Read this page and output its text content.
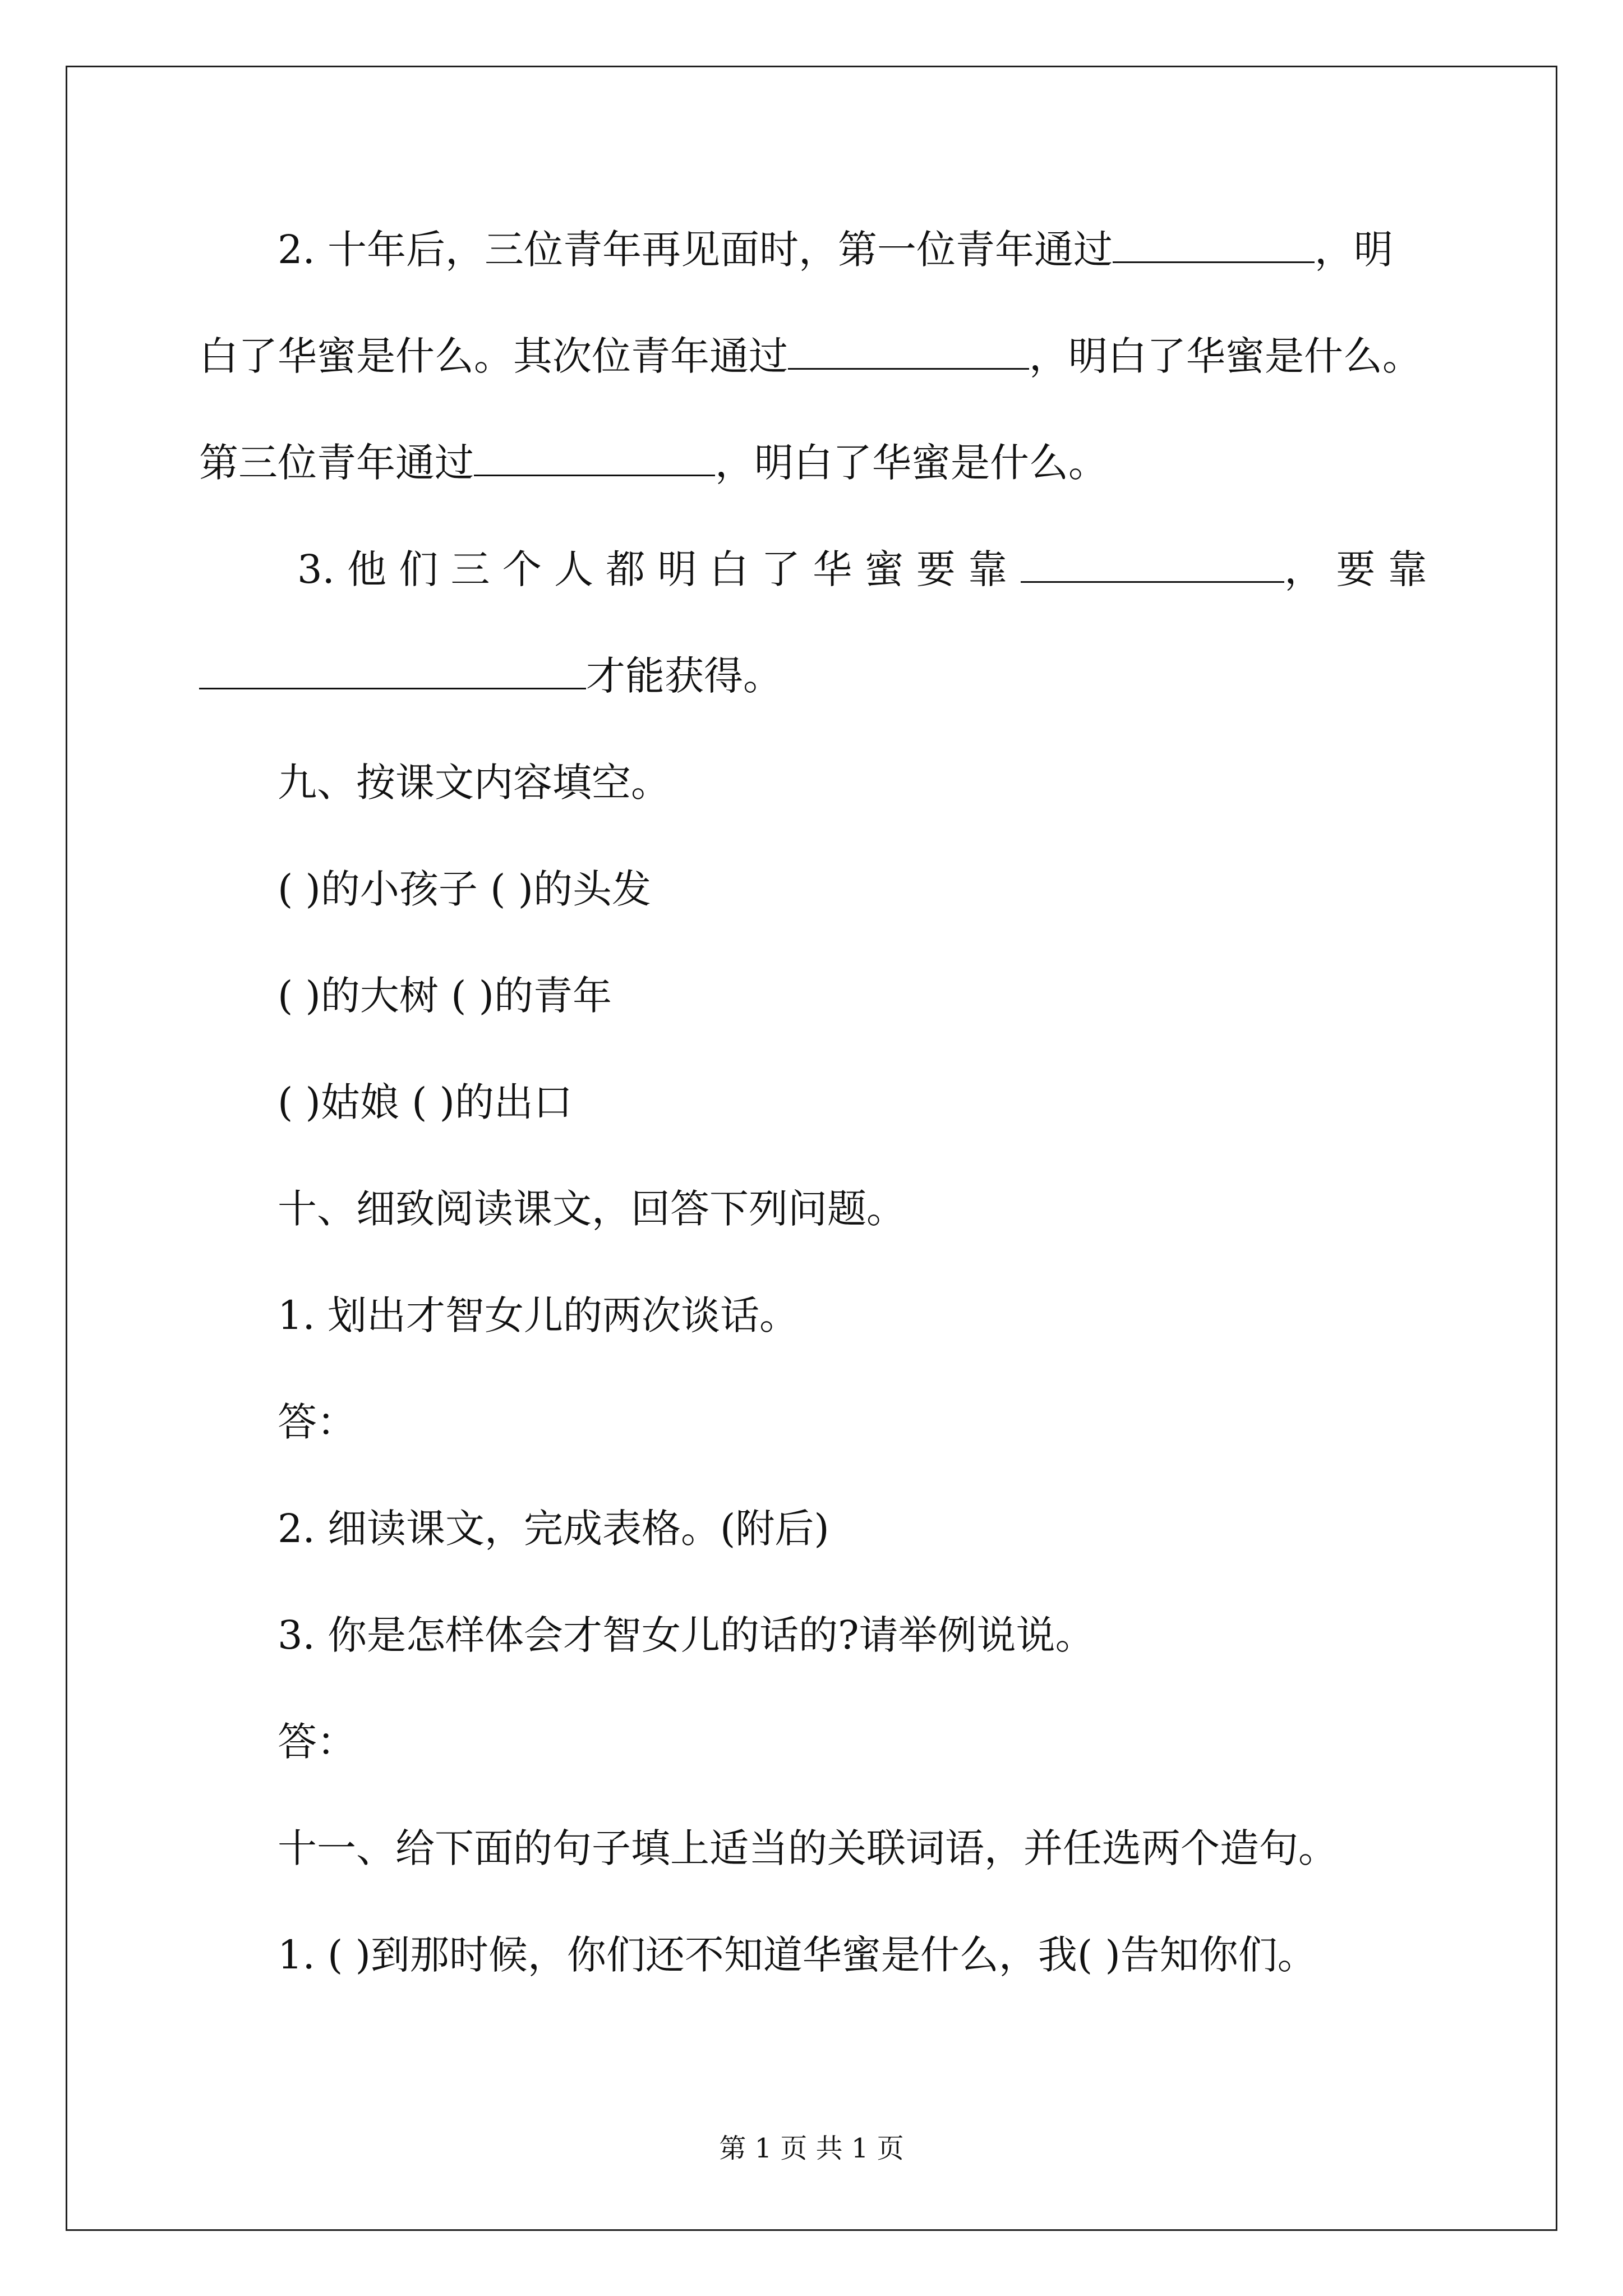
2. 十年后，三位青年再见面时，第一位青年通过	，明
白了华蜜是什么。其次位青年通过	，明白了华蜜是什么。
第三位青年通过	，明白了华蜜是什么。
3. 他 们 三 个 人 都 明 白 了 华 蜜 要 靠	， 要 靠
才能获得。
九、按课文内容填空。
( )的小孩子 ( )的头发
( )的大树 ( )的青年
( )姑娘 ( )的出口
十、细致阅读课文，回答下列问题。
1. 划出才智女儿的两次谈话。
答：
2. 细读课文，完成表格。(附后)
3. 你是怎样体会才智女儿的话的?请举例说说。
答：
十一、给下面的句子填上适当的关联词语，并任选两个造句。
1. ( )到那时候，你们还不知道华蜜是什么，我( )告知你们。
第 1 页 共 1 页
